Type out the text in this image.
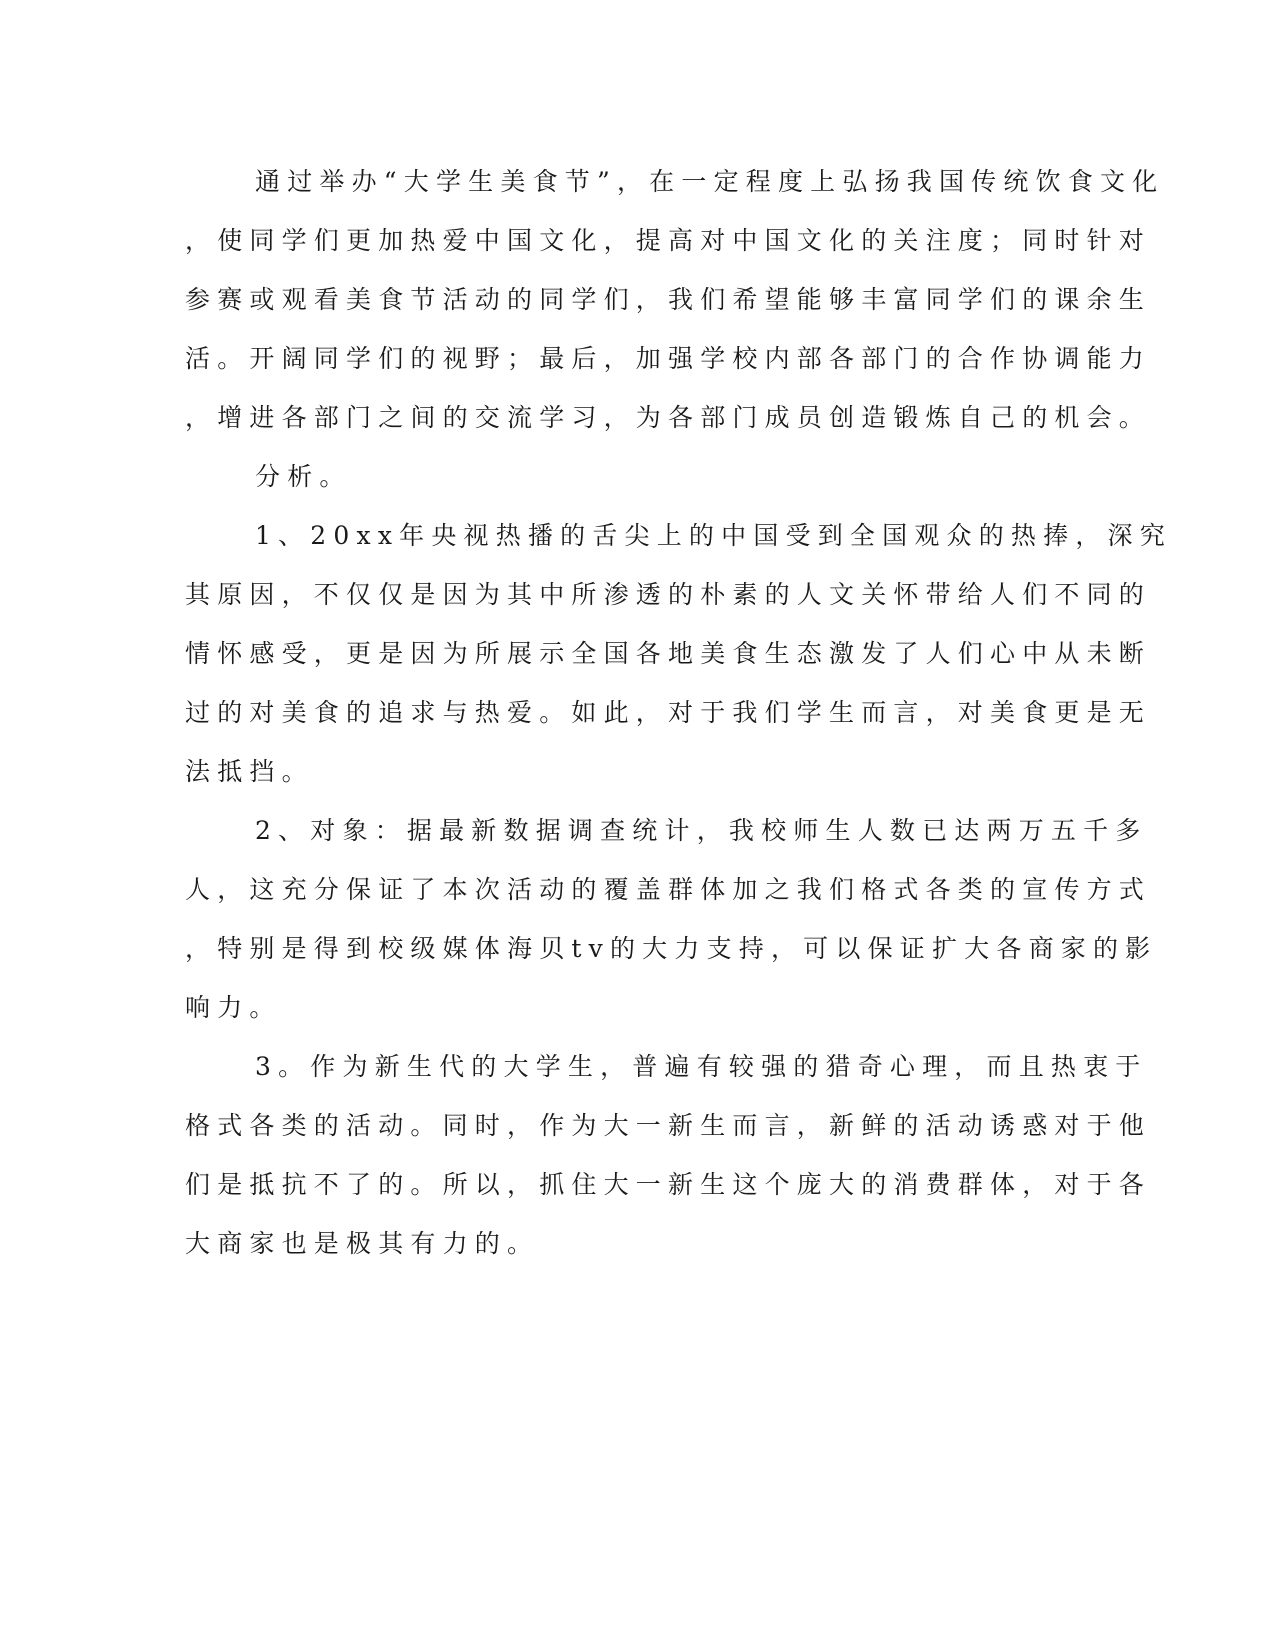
通过举办“大学生美食节”，在一定程度上弘扬我国传统饮食文化
，使同学们更加热爱中国文化，提高对中国文化的关注度；同时针对
参赛或观看美食节活动的同学们，我们希望能够丰富同学们的课余生
活。开阔同学们的视野；最后，加强学校内部各部门的合作协调能力
，增进各部门之间的交流学习，为各部门成员创造锻炼自己的机会。
分析。
1、20xx年央视热播的舌尖上的中国受到全国观众的热捧，深究
其原因，不仅仅是因为其中所渗透的朴素的人文关怀带给人们不同的
情怀感受，更是因为所展示全国各地美食生态激发了人们心中从未断
过的对美食的追求与热爱。如此，对于我们学生而言，对美食更是无
法抵挡。
2、对象：据最新数据调查统计，我校师生人数已达两万五千多
人，这充分保证了本次活动的覆盖群体加之我们格式各类的宣传方式
，特别是得到校级媒体海贝tv的大力支持，可以保证扩大各商家的影
响力。
3。作为新生代的大学生，普遍有较强的猎奇心理，而且热衷于
格式各类的活动。同时，作为大一新生而言，新鲜的活动诱惑对于他
们是抵抗不了的。所以，抓住大一新生这个庞大的消费群体，对于各
大商家也是极其有力的。
